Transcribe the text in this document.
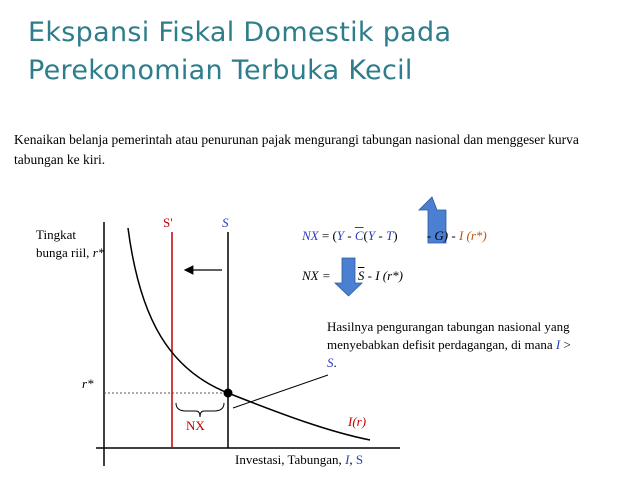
Ekspansi Fiskal Domestik pada Perekonomian Terbuka Kecil
Kenaikan belanja pemerintah atau penurunan pajak mengurangi tabungan nasional dan menggeser kurva tabungan ke kiri.
Tingkat bunga riil, r*
r*
S'	S
NX	I(r)
NX = $(Y - \overline{C}(Y - T) - G)$ - I (r*)
NX = $\overline{S}$ - I (r*)
Hasilnya pengurangan tabungan nasional yang menyebabkan defisit perdagangan, di mana I > S.
Investasi, Tabungan, I, S
